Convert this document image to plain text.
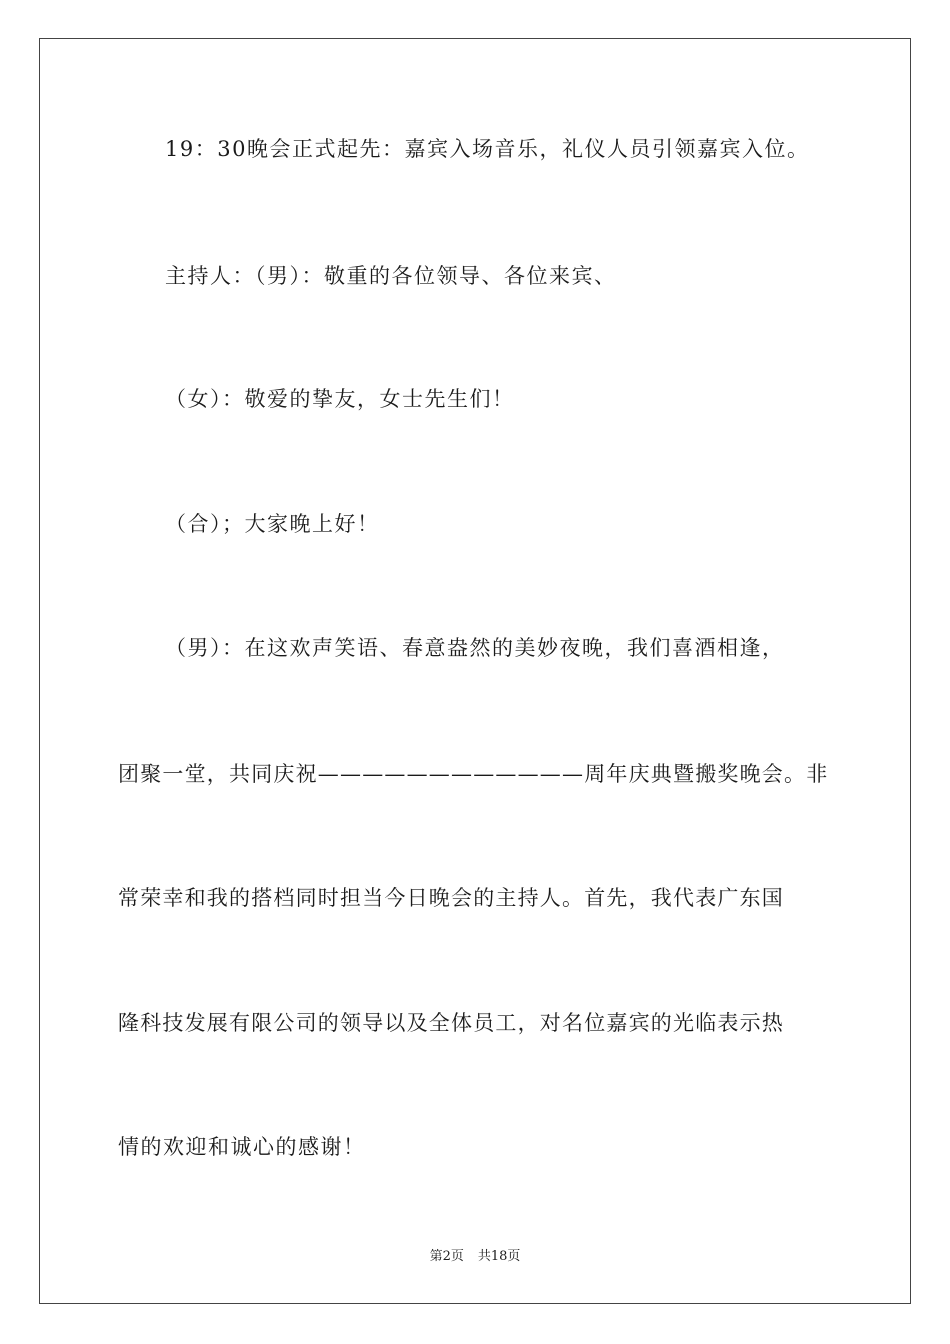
19：30晚会正式起先：嘉宾入场音乐，礼仪人员引领嘉宾入位。
主持人：（男）：敬重的各位领导、各位来宾、
（女）：敬爱的挚友，女士先生们！
（合）；大家晚上好！
（男）：在这欢声笑语、春意盎然的美妙夜晚，我们喜酒相逢，
团聚一堂，共同庆祝————————————周年庆典暨搬奖晚会。非
常荣幸和我的搭档同时担当今日晚会的主持人。首先，我代表广东国
隆科技发展有限公司的领导以及全体员工，对名位嘉宾的光临表示热
情的欢迎和诚心的感谢！
第2页 共18页
